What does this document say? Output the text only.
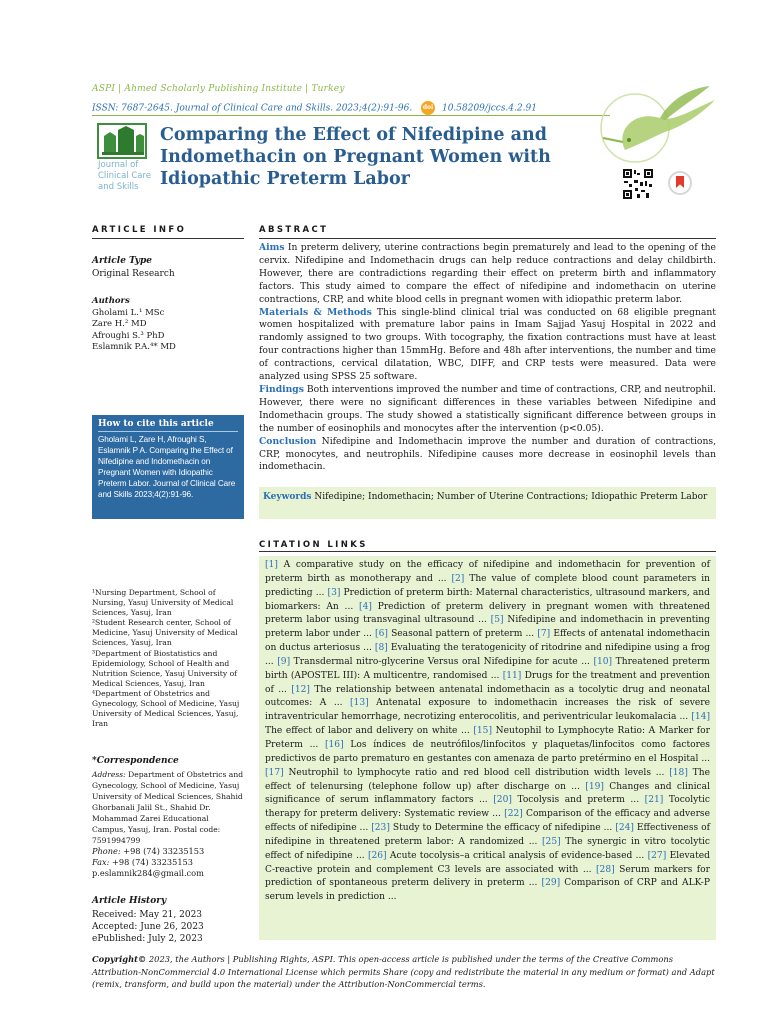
ASPI | Ahmed Scholarly Publishing Institute | Turkey
ISSN: 7687-2645. Journal of Clinical Care and Skills. 2023;4(2):91-96. doi 10.58209/jccs.4.2.91
Journal of Clinical Care and Skills
Comparing the Effect of Nifedipine and Indomethacin on Pregnant Women with Idiopathic Preterm Labor
ARTICLE INFO
Article Type
Original Research
Authors
Gholami L.¹ MSc
Zare H.² MD
Afroughi S.³ PhD
Eslamnik P.A.⁴* MD
How to cite this article
Gholami L, Zare H, Afroughi S, Eslamnik P A. Comparing the Effect of Nifedipine and Indomethacin on Pregnant Women with Idiopathic Preterm Labor. Journal of Clinical Care and Skills 2023;4(2):91-96.
¹Nursing Department, School of Nursing, Yasuj University of Medical Sciences, Yasuj, Iran
²Student Research center, School of Medicine, Yasuj University of Medical Sciences, Yasuj, Iran
³Department of Biostatistics and Epidemiology, School of Health and Nutrition Science, Yasuj University of Medical Sciences, Yasuj, Iran
⁴Department of Obstetrics and Gynecology, School of Medicine, Yasuj University of Medical Sciences, Yasuj, Iran
*Correspondence
Address: Department of Obstetrics and Gynecology, School of Medicine, Yasuj University of Medical Sciences, Shahid Ghorbanali Jalil St., Shahid Dr. Mohammad Zarei Educational Campus, Yasuj, Iran. Postal code: 7591994799
Phone: +98 (74) 33235153
Fax: +98 (74) 33235153
p.eslamnik284@gmail.com
Article History
Received: May 21, 2023
Accepted: June 26, 2023
ePublished: July 2, 2023
ABSTRACT
Aims In preterm delivery, uterine contractions begin prematurely and lead to the opening of the cervix. Nifedipine and Indomethacin drugs can help reduce contractions and delay childbirth. However, there are contradictions regarding their effect on preterm birth and inflammatory factors. This study aimed to compare the effect of nifedipine and indomethacin on uterine contractions, CRP, and white blood cells in pregnant women with idiopathic preterm labor.
Materials & Methods This single-blind clinical trial was conducted on 68 eligible pregnant women hospitalized with premature labor pains in Imam Sajjad Yasuj Hospital in 2022 and randomly assigned to two groups. With tocography, the fixation contractions must have at least four contractions higher than 15mmHg. Before and 48h after interventions, the number and time of contractions, cervical dilatation, WBC, DIFF, and CRP tests were measured. Data were analyzed using SPSS 25 software.
Findings Both interventions improved the number and time of contractions, CRP, and neutrophil. However, there were no significant differences in these variables between Nifedipine and Indomethacin groups. The study showed a statistically significant difference between groups in the number of eosinophils and monocytes after the intervention (p<0.05).
Conclusion Nifedipine and Indomethacin improve the number and duration of contractions, CRP, monocytes, and neutrophils. Nifedipine causes more decrease in eosinophil levels than indomethacin.
Keywords Nifedipine; Indomethacin; Number of Uterine Contractions; Idiopathic Preterm Labor
CITATION LINKS
[1] A comparative study on the efficacy of nifedipine and indomethacin for prevention of preterm birth as monotherapy and ... [2] The value of complete blood count parameters in predicting ... [3] Prediction of preterm birth: Maternal characteristics, ultrasound markers, and biomarkers: An ... [4] Prediction of preterm delivery in pregnant women with threatened preterm labor using transvaginal ultrasound ... [5] Nifedipine and indomethacin in preventing preterm labor under ... [6] Seasonal pattern of preterm ... [7] Effects of antenatal indomethacin on ductus arteriosus ... [8] Evaluating the teratogenicity of ritodrine and nifedipine using a frog ... [9] Transdermal nitro-glycerine Versus oral Nifedipine for acute ... [10] Threatened preterm birth (APOSTEL III): A multicentre, randomised ... [11] Drugs for the treatment and prevention of ... [12] The relationship between antenatal indomethacin as a tocolytic drug and neonatal outcomes: A ... [13] Antenatal exposure to indomethacin increases the risk of severe intraventricular hemorrhage, necrotizing enterocolitis, and periventricular leukomalacia ... [14] The effect of labor and delivery on white ... [15] Neutophil to Lymphocyte Ratio: A Marker for Preterm ... [16] Los índices de neutrófilos/linfocitos y plaquetas/linfocitos como factores predictivos de parto prematuro en gestantes con amenaza de parto pretérmino en el Hospital ... [17] Neutrophil to lymphocyte ratio and red blood cell distribution width levels ... [18] The effect of telenursing (telephone follow up) after discharge on ... [19] Changes and clinical significance of serum inflammatory factors ... [20] Tocolysis and preterm ... [21] Tocolytic therapy for preterm delivery: Systematic review ... [22] Comparison of the efficacy and adverse effects of nifedipine ... [23] Study to Determine the efficacy of nifedipine ... [24] Effectiveness of nifedipine in threatened preterm labor: A randomized ... [25] The synergic in vitro tocolytic effect of nifedipine ... [26] Acute tocolysis–a critical analysis of evidence-based ... [27] Elevated C-reactive protein and complement C3 levels are associated with ... [28] Serum markers for prediction of spontaneous preterm delivery in preterm ... [29] Comparison of CRP and ALK-P serum levels in prediction ...
Copyright© 2023, the Authors | Publishing Rights, ASPI. This open-access article is published under the terms of the Creative Commons Attribution-NonCommercial 4.0 International License which permits Share (copy and redistribute the material in any medium or format) and Adapt (remix, transform, and build upon the material) under the Attribution-NonCommercial terms.
